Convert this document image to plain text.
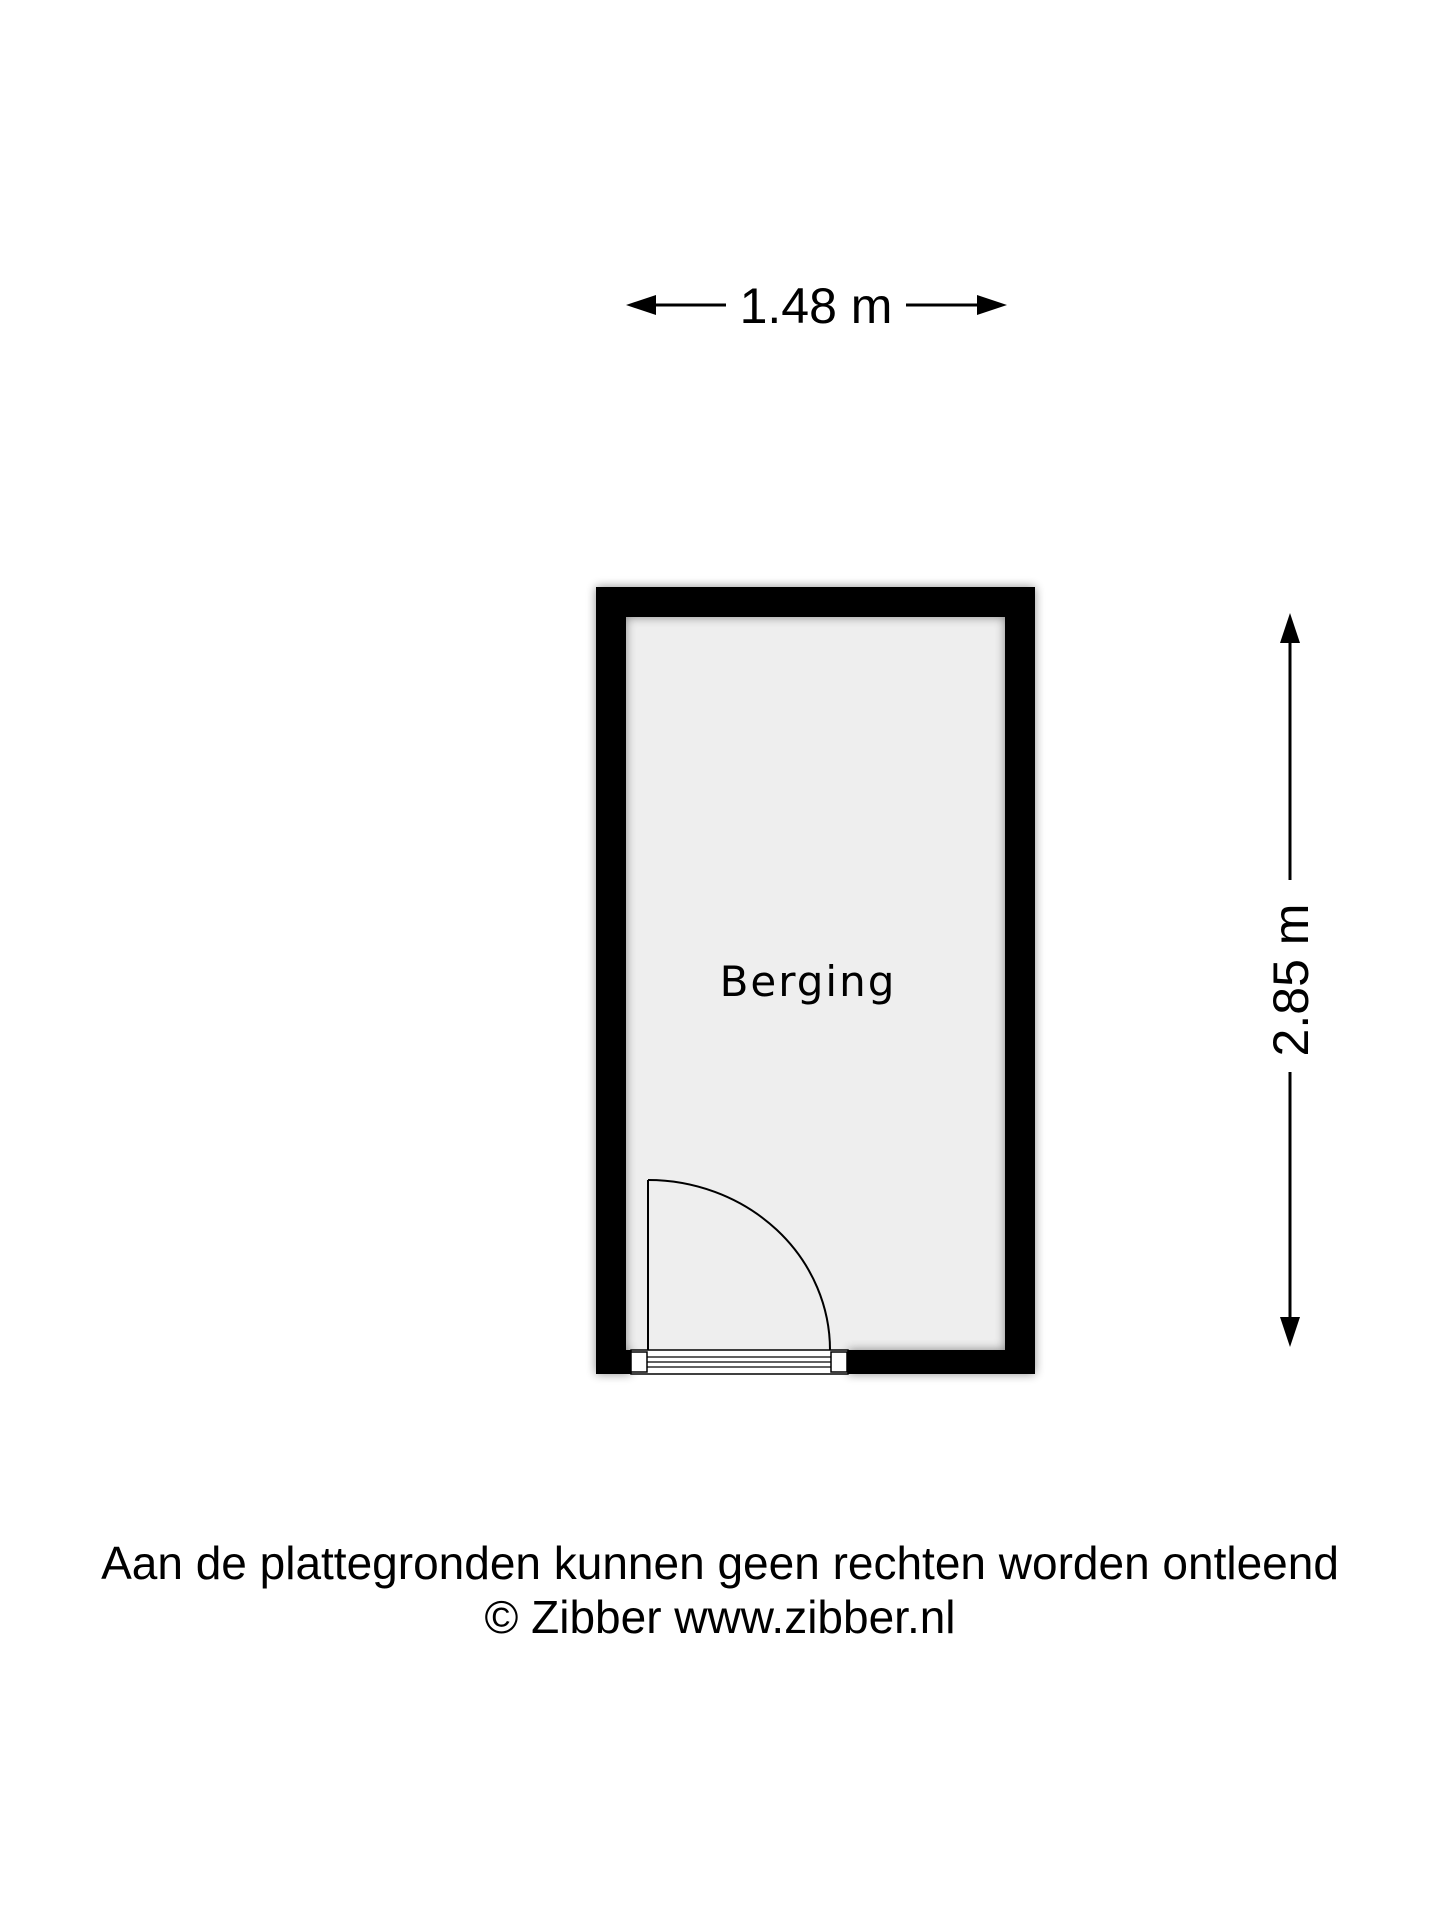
1.48 m
2.85 m
Berging
Aan de plattegronden kunnen geen rechten worden ontleend
© Zibber www.zibber.nl
